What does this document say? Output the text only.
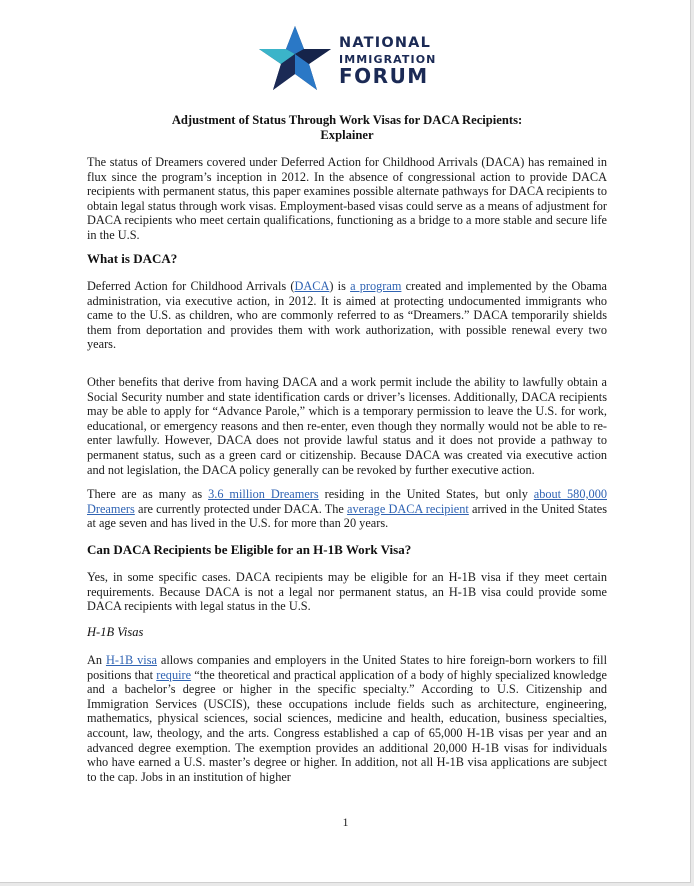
NATIONAL
IMMIGRATION
FORUM
Adjustment of Status Through Work Visas for DACA Recipients:
Explainer
The status of Dreamers covered under Deferred Action for Childhood Arrivals (DACA) has remained in flux since the program’s inception in 2012. In the absence of congressional action to provide DACA recipients with permanent status, this paper examines possible alternate pathways for DACA recipients to obtain legal status through work visas. Employment-based visas could serve as a means of adjustment for DACA recipients who meet certain qualifications, functioning as a bridge to a more stable and secure life in the U.S.
What is DACA?
Deferred Action for Childhood Arrivals (DACA) is a program created and implemented by the Obama administration, via executive action, in 2012. It is aimed at protecting undocumented immigrants who came to the U.S. as children, who are commonly referred to as “Dreamers.” DACA temporarily shields them from deportation and provides them with work authorization, with possible renewal every two years.
Other benefits that derive from having DACA and a work permit include the ability to lawfully obtain a Social Security number and state identification cards or driver’s licenses. Additionally, DACA recipients may be able to apply for “Advance Parole,” which is a temporary permission to leave the U.S. for work, educational, or emergency reasons and then re-enter, even though they normally would not be able to re-enter lawfully. However, DACA does not provide lawful status and it does not provide a pathway to permanent status, such as a green card or citizenship. Because DACA was created via executive action and not legislation, the DACA policy generally can be revoked by further executive action.
There are as many as 3.6 million Dreamers residing in the United States, but only about 580,000 Dreamers are currently protected under DACA. The average DACA recipient arrived in the United States at age seven and has lived in the U.S. for more than 20 years.
Can DACA Recipients be Eligible for an H-1B Work Visa?
Yes, in some specific cases. DACA recipients may be eligible for an H-1B visa if they meet certain requirements. Because DACA is not a legal nor permanent status, an H-1B visa could provide some DACA recipients with legal status in the U.S.
H-1B Visas
An H-1B visa allows companies and employers in the United States to hire foreign-born workers to fill positions that require “the theoretical and practical application of a body of highly specialized knowledge and a bachelor’s degree or higher in the specific specialty.” According to U.S. Citizenship and Immigration Services (USCIS), these occupations include fields such as architecture, engineering, mathematics, physical sciences, social sciences, medicine and health, education, business specialties, account, law, theology, and the arts. Congress established a cap of 65,000 H-1B visas per year and an advanced degree exemption. The exemption provides an additional 20,000 H-1B visas for individuals who have earned a U.S. master’s degree or higher. In addition, not all H-1B visa applications are subject to the cap. Jobs in an institution of higher
1
